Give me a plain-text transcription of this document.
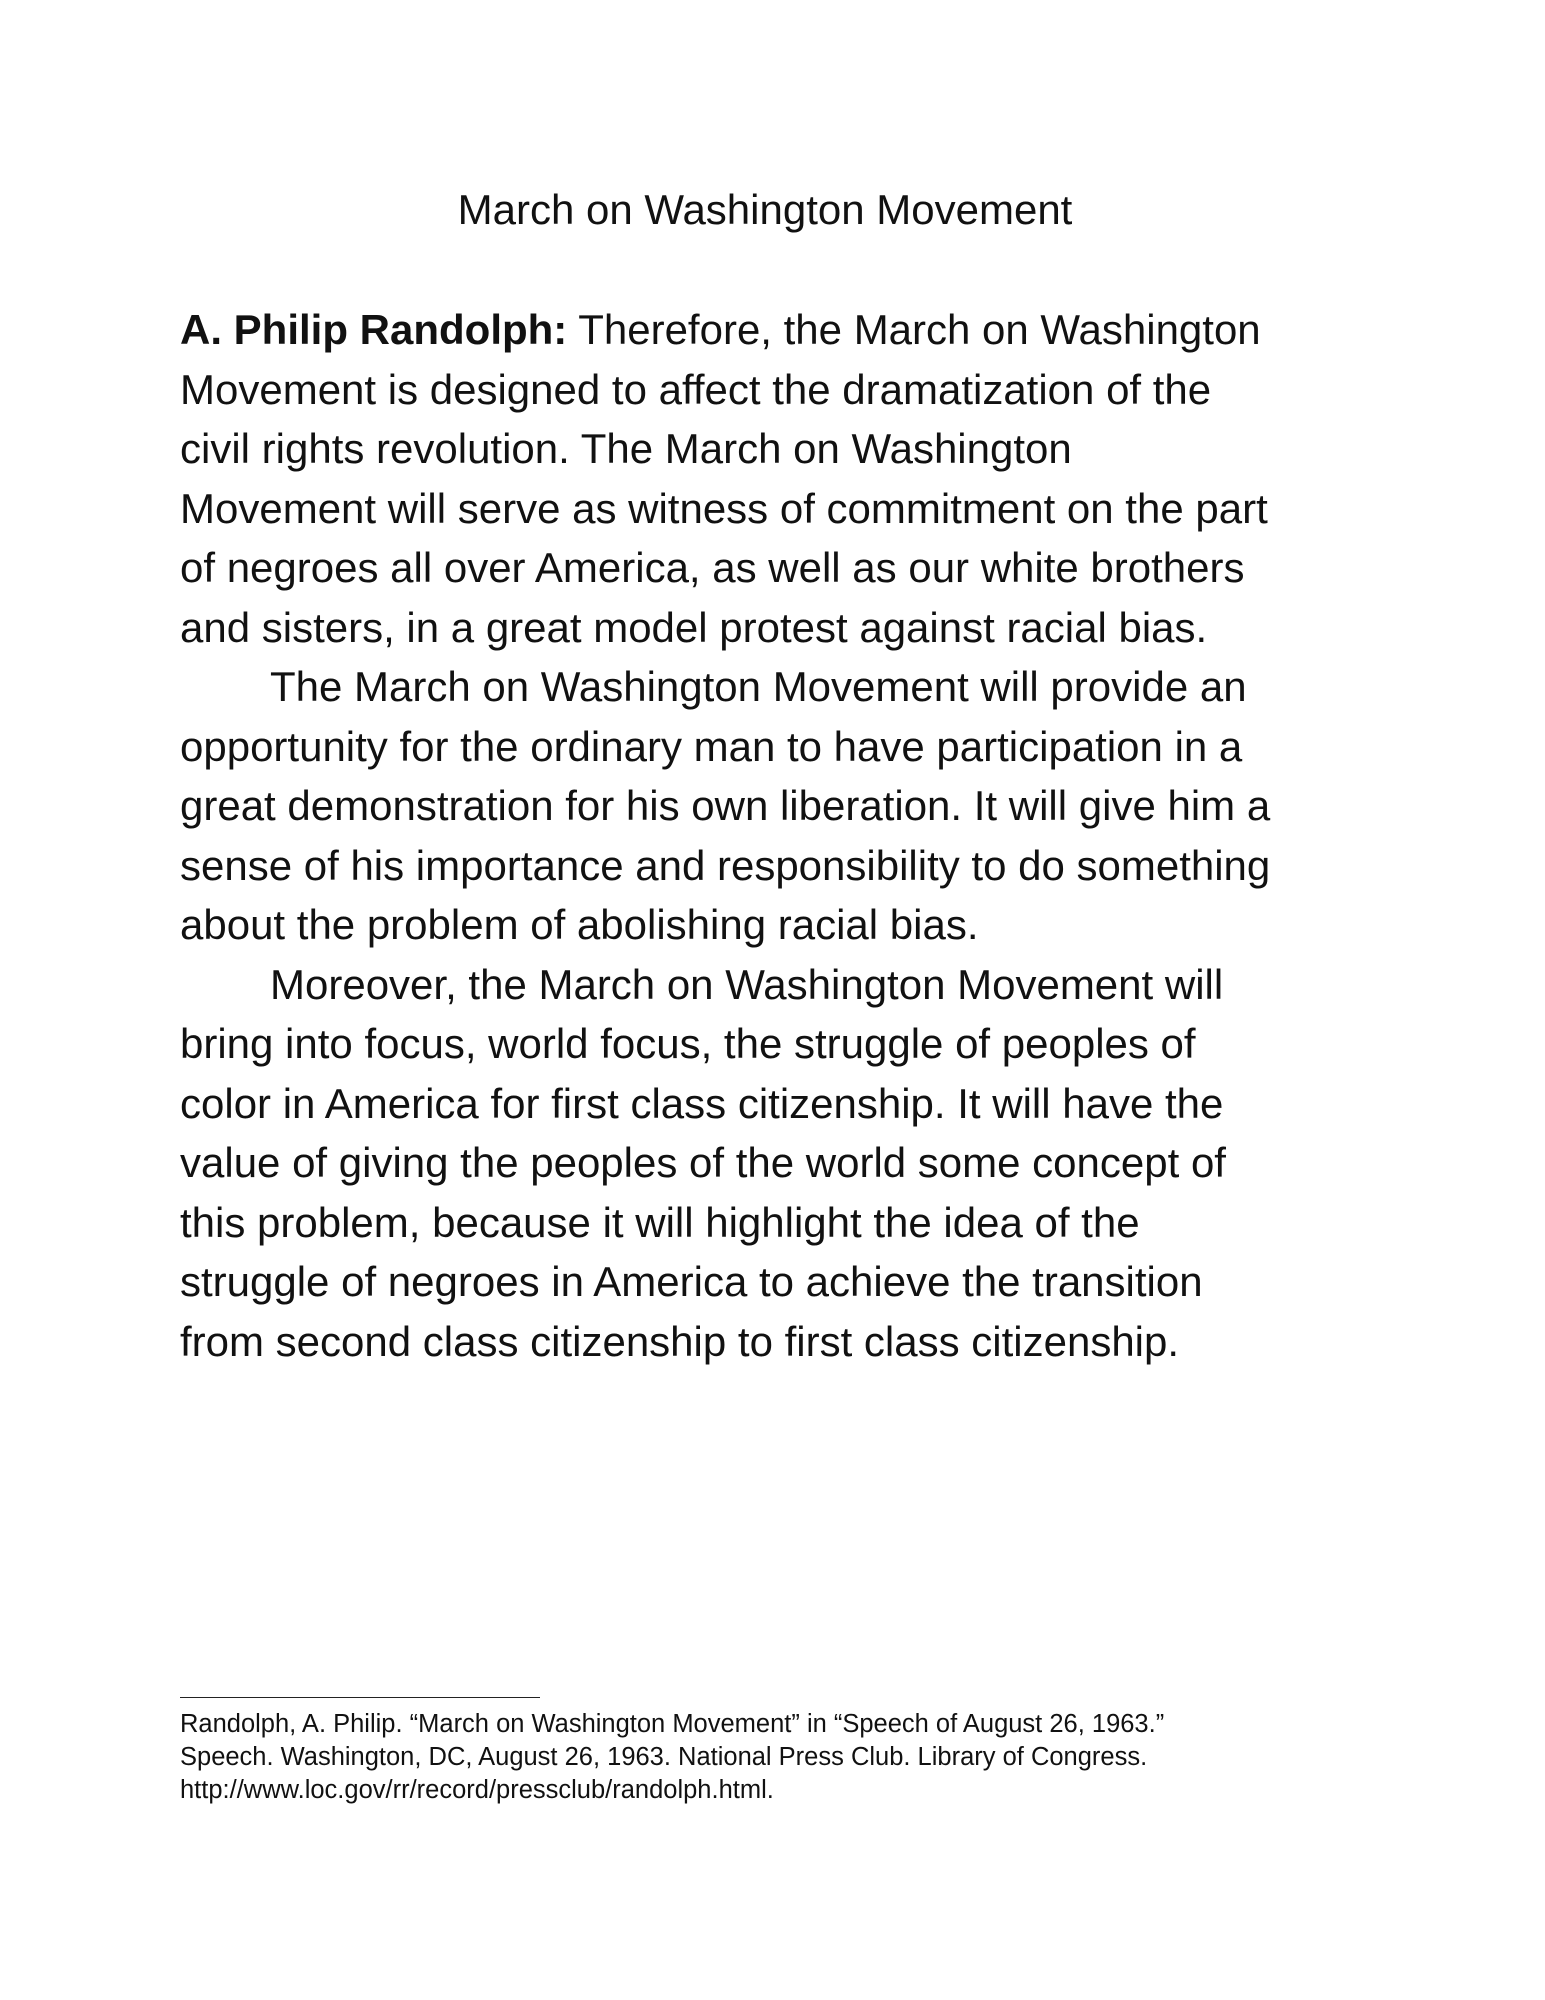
March on Washington Movement

A. Philip Randolph: Therefore, the March on Washington
Movement is designed to affect the dramatization of the
civil rights revolution. The March on Washington
Movement will serve as witness of commitment on the part
of negroes all over America, as well as our white brothers
and sisters, in a great model protest against racial bias.

The March on Washington Movement will provide an
opportunity for the ordinary man to have participation in a
great demonstration for his own liberation. It will give him a
sense of his importance and responsibility to do something
about the problem of abolishing racial bias.

Moreover, the March on Washington Movement will
bring into focus, world focus, the struggle of peoples of
color in America for first class citizenship. It will have the
value of giving the peoples of the world some concept of
this problem, because it will highlight the idea of the
struggle of negroes in America to achieve the transition
from second class citizenship to first class citizenship.

Randolph, A. Philip. “March on Washington Movement” in “Speech of August 26, 1963.”
Speech. Washington, DC, August 26, 1963. National Press Club. Library of Congress.
http://www.loc.gov/rr/record/pressclub/randolph.html.
